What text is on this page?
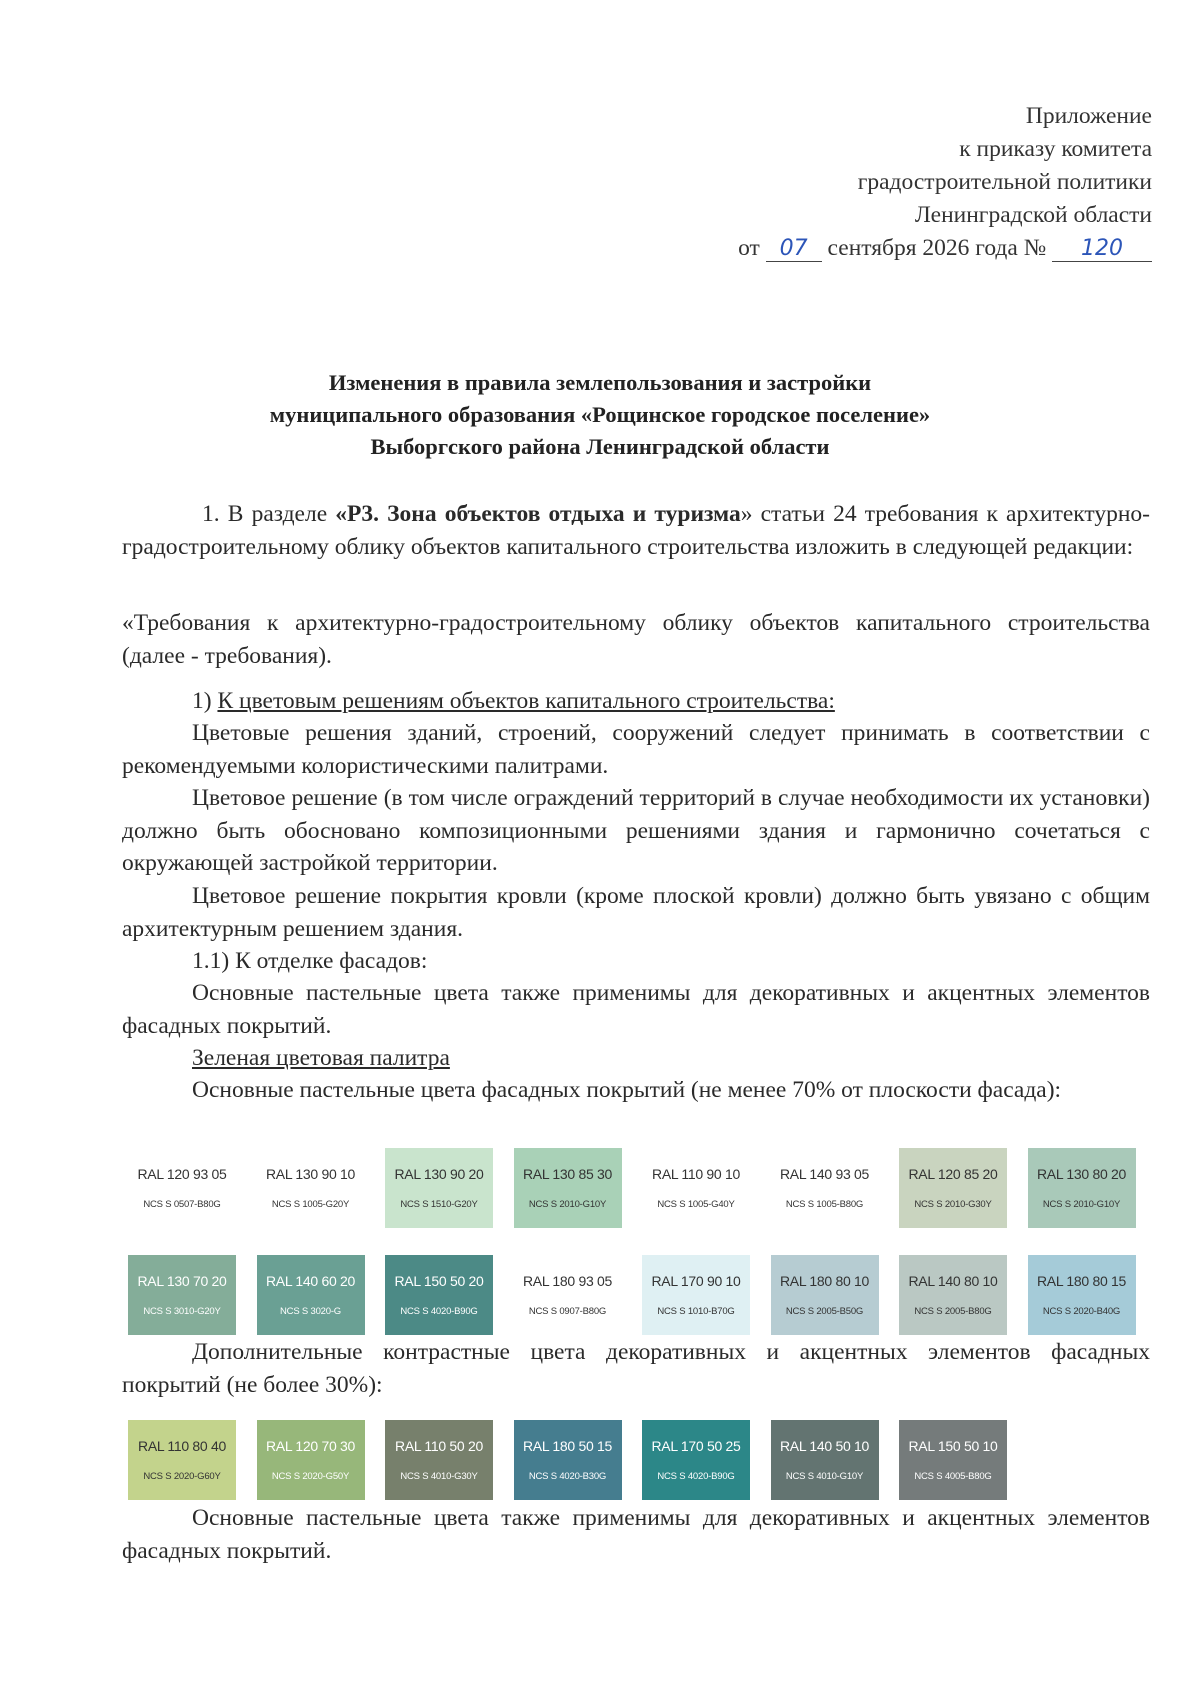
Приложение
к приказу комитета
градостроительной политики
Ленинградской области
от 07 сентября 2026 года № 120
Изменения в правила землепользования и застройки
муниципального образования «Рощинское городское поселение»
Выборгского района Ленинградской области

1. В разделе «Р3. Зона объектов отдыха и туризма» статьи 24 требования к архитектурно-градостроительному облику объектов капитального строительства изложить в следующей редакции:

«Требования к архитектурно-градостроительному облику объектов капитального строительства (далее - требования).

1) К цветовым решениям объектов капитального строительства:

Цветовые решения зданий, строений, сооружений следует принимать в соответствии с рекомендуемыми колористическими палитрами.

Цветовое решение (в том числе ограждений территорий в случае необходимости их установки) должно быть обосновано композиционными решениями здания и гармонично сочетаться с окружающей застройкой территории.

Цветовое решение покрытия кровли (кроме плоской кровли) должно быть увязано с общим архитектурным решением здания.

1.1) К отделке фасадов:

Основные пастельные цвета также применимы для декоративных и акцентных элементов фасадных покрытий.

Зеленая цветовая палитра

Основные пастельные цвета фасадных покрытий (не менее 70% от плоскости фасада):

RAL 120 93 05
NCS S 0507-B80G
RAL 130 90 10
NCS S 1005-G20Y
RAL 130 90 20
NCS S 1510-G20Y
RAL 130 85 30
NCS S 2010-G10Y
RAL 110 90 10
NCS S 1005-G40Y
RAL 140 93 05
NCS S 1005-B80G
RAL 120 85 20
NCS S 2010-G30Y
RAL 130 80 20
NCS S 2010-G10Y
RAL 130 70 20
NCS S 3010-G20Y
RAL 140 60 20
NCS S 3020-G
RAL 150 50 20
NCS S 4020-B90G
RAL 180 93 05
NCS S 0907-B80G
RAL 170 90 10
NCS S 1010-B70G
RAL 180 80 10
NCS S 2005-B50G
RAL 140 80 10
NCS S 2005-B80G
RAL 180 80 15
NCS S 2020-B40G

Дополнительные контрастные цвета декоративных и акцентных элементов фасадных покрытий (не более 30%):

RAL 110 80 40
NCS S 2020-G60Y
RAL 120 70 30
NCS S 2020-G50Y
RAL 110 50 20
NCS S 4010-G30Y
RAL 180 50 15
NCS S 4020-B30G
RAL 170 50 25
NCS S 4020-B90G
RAL 140 50 10
NCS S 4010-G10Y
RAL 150 50 10
NCS S 4005-B80G

Основные пастельные цвета также применимы для декоративных и акцентных элементов фасадных покрытий.
